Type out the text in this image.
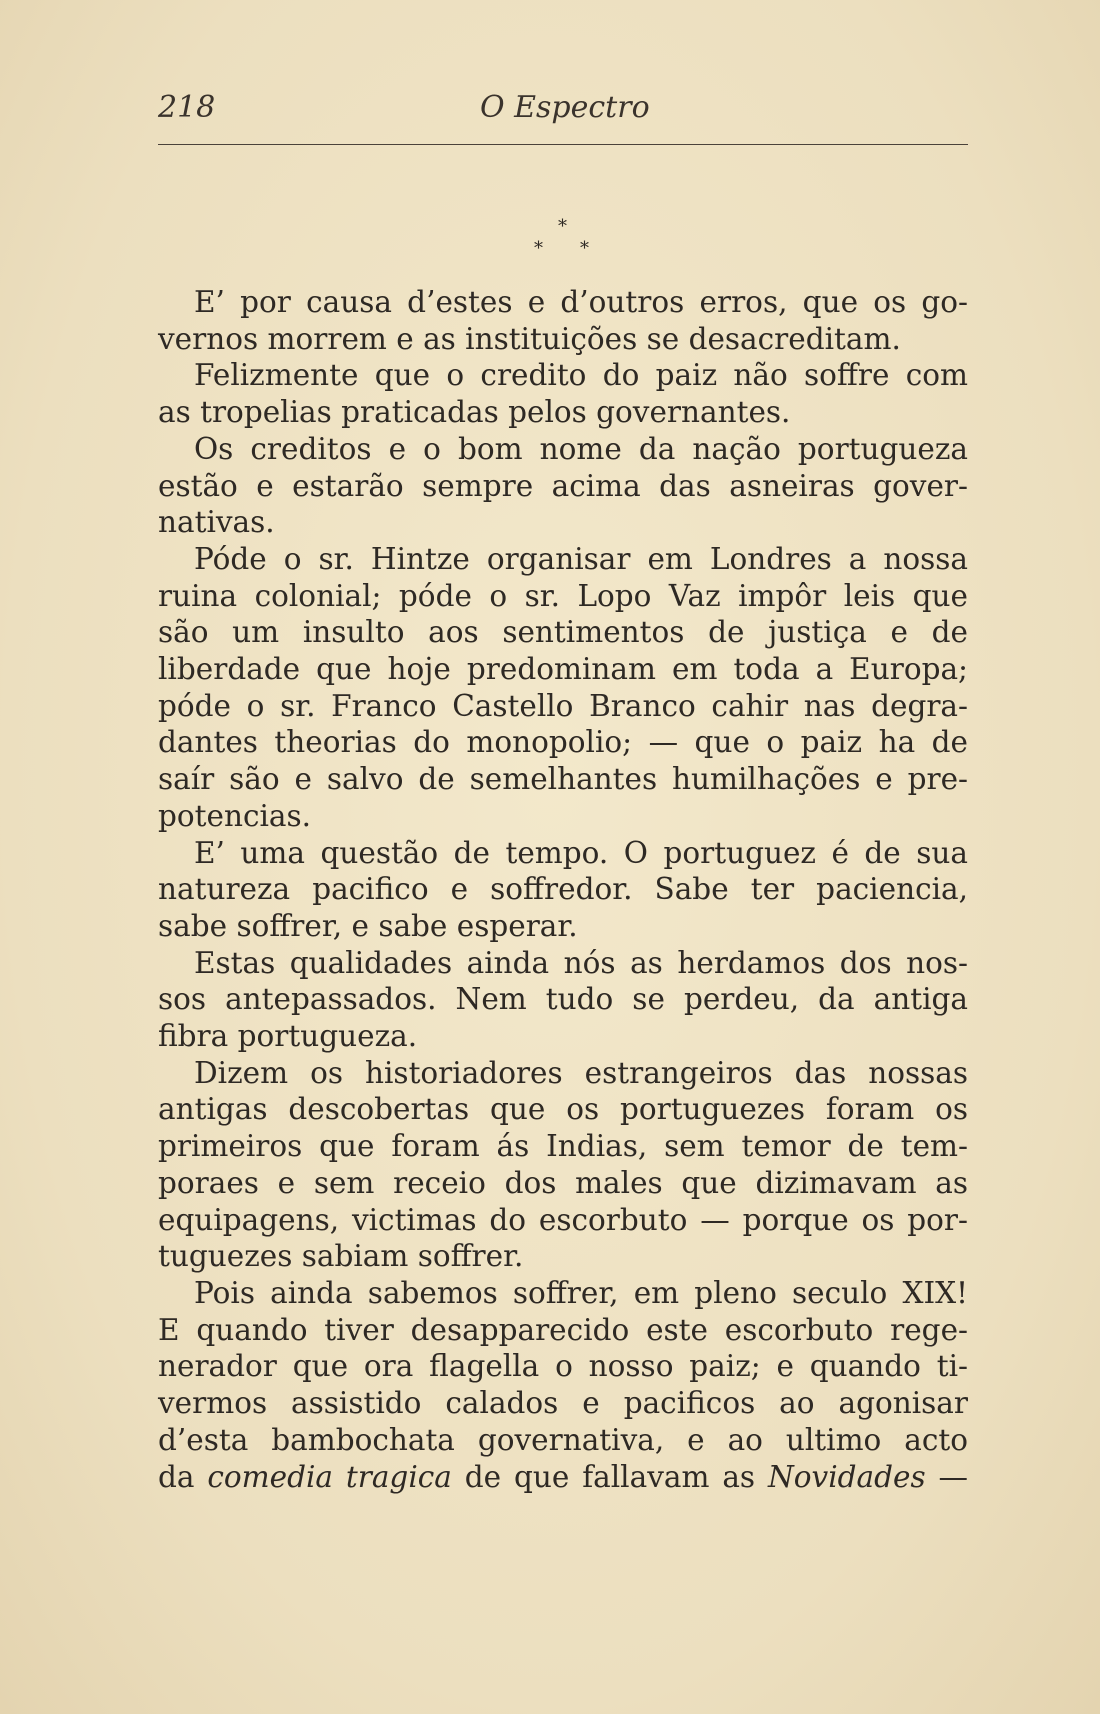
218	O Espectro
*
* *
E’ por causa d’estes e d’outros erros, que os go-
vernos morrem e as instituições se desacreditam.
Felizmente que o credito do paiz não soffre com
as tropelias praticadas pelos governantes.
Os creditos e o bom nome da nação portugueza
estão e estarão sempre acima das asneiras gover-
nativas.
Póde o sr. Hintze organisar em Londres a nossa
ruina colonial; póde o sr. Lopo Vaz impôr leis que
são um insulto aos sentimentos de justiça e de
liberdade que hoje predominam em toda a Europa;
póde o sr. Franco Castello Branco cahir nas degra-
dantes theorias do monopolio; — que o paiz ha de
saír são e salvo de semelhantes humilhações e pre-
potencias.
E’ uma questão de tempo. O portuguez é de sua
natureza pacifico e soffredor. Sabe ter paciencia,
sabe soffrer, e sabe esperar.
Estas qualidades ainda nós as herdamos dos nos-
sos antepassados. Nem tudo se perdeu, da antiga
fibra portugueza.
Dizem os historiadores estrangeiros das nossas
antigas descobertas que os portuguezes foram os
primeiros que foram ás Indias, sem temor de tem-
poraes e sem receio dos males que dizimavam as
equipagens, victimas do escorbuto — porque os por-
tuguezes sabiam soffrer.
Pois ainda sabemos soffrer, em pleno seculo XIX!
E quando tiver desapparecido este escorbuto rege-
nerador que ora flagella o nosso paiz; e quando ti-
vermos assistido calados e pacificos ao agonisar
d’esta bambochata governativa, e ao ultimo acto
da comedia tragica de que fallavam as Novidades —
